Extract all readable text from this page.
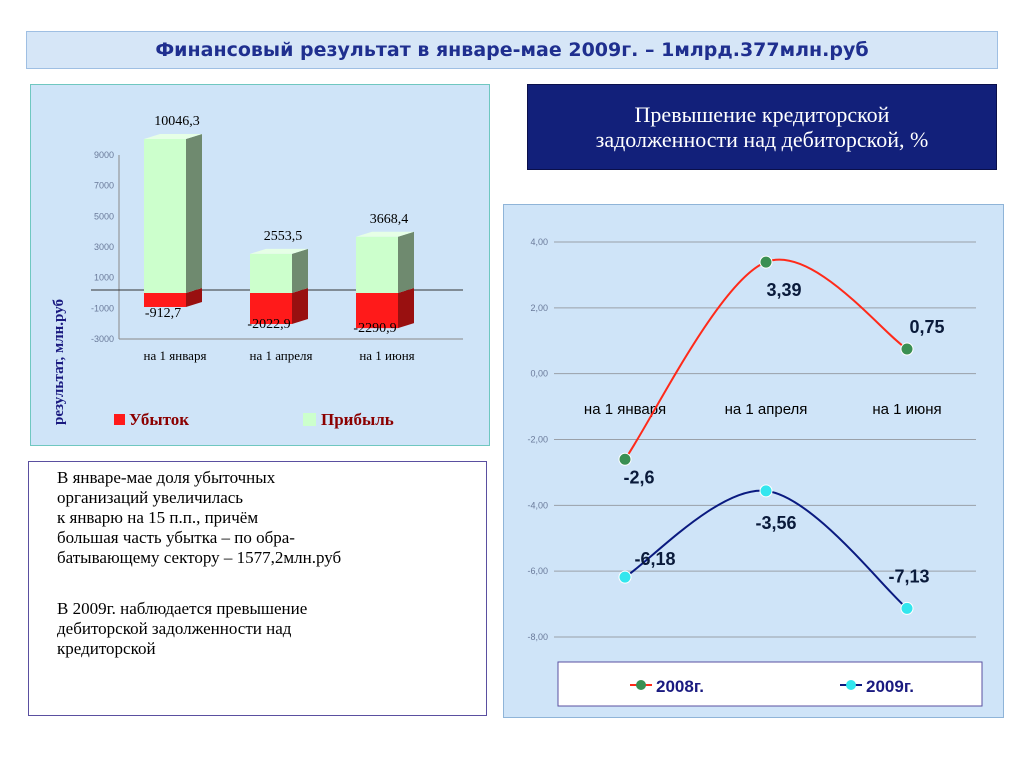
Финансовый результат в январе-мае 2009г. – 1млрд.377млн.руб
результат, млн.руб
9000
7000
5000
3000
1000
-1000
-3000
на 1 января	на 1 апреля	на 1 июня
10046,3
-912,7
2553,5
-2022,9
3668,4
-2290,9
Убыток	Прибыль
Превышение кредиторской
задолженности над дебиторской, %

В январе-мае доля убыточных
организаций увеличилась
к январю на 15 п.п., причём
большая часть убытка – по обра-
батывающему сектору – 1577,2млн.руб

В 2009г. наблюдается превышение
дебиторской задолженности над
кредиторской

4,00
2,00
0,00
-2,00
-4,00
-6,00
-8,00
на 1 января	на 1 апреля	на 1 июня
-2,6
3,39
0,75
-6,18
-3,56
-7,13
2008г.	2009г.
